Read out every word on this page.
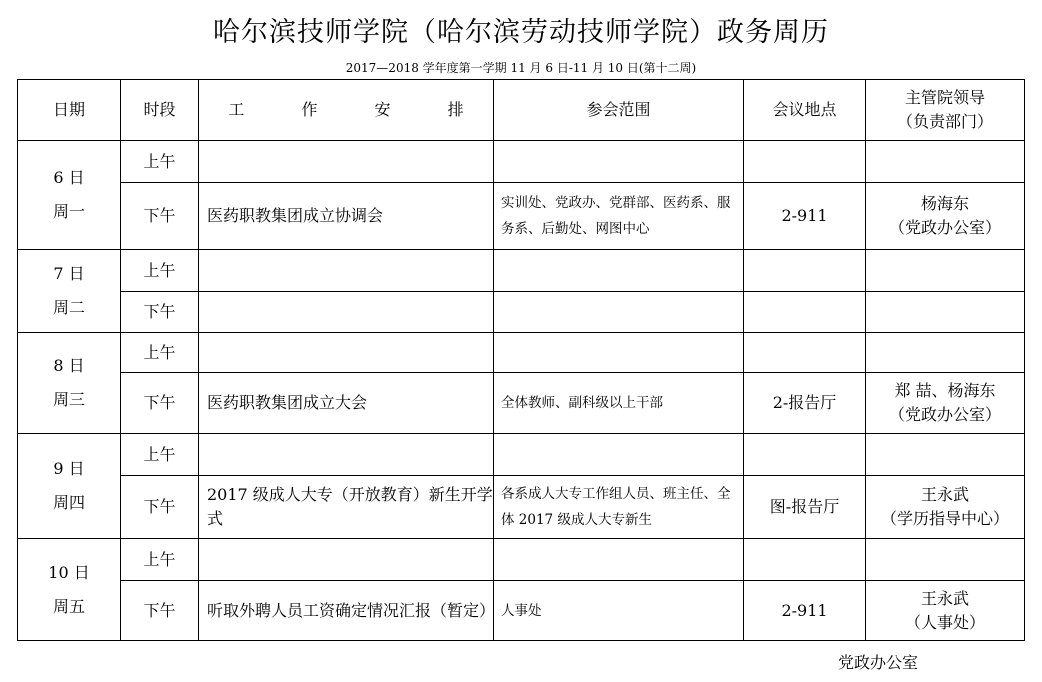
哈尔滨技师学院（哈尔滨劳动技师学院）政务周历
2017—2018 学年度第一学期 11 月 6 日-11 月 10 日(第十二周)
日期	时段	工 作 安 排	参会范围	会议地点	主管院领导
（负责部门）

6 日
周一	上午				

	下午	医药职教集团成立协调会	实训处、党政办、党群部、医药系、服务系、后勤处、网图中心	2-911	杨海东
（党政办公室）

7 日
周二	上午				

	下午				

8 日
周三	上午				

	下午	医药职教集团成立大会	全体教师、副科级以上干部	2-报告厅	郑 喆、杨海东
（党政办公室）

9 日
周四	上午				

	下午	2017 级成人大专（开放教育）新生开学式	各系成人大专工作组人员、班主任、全体 2017 级成人大专新生	图-报告厅	王永武
（学历指导中心）

10 日
周五	上午				

	下午	听取外聘人员工资确定情况汇报（暂定）	人事处	2-911	王永武
（人事处）
党政办公室
